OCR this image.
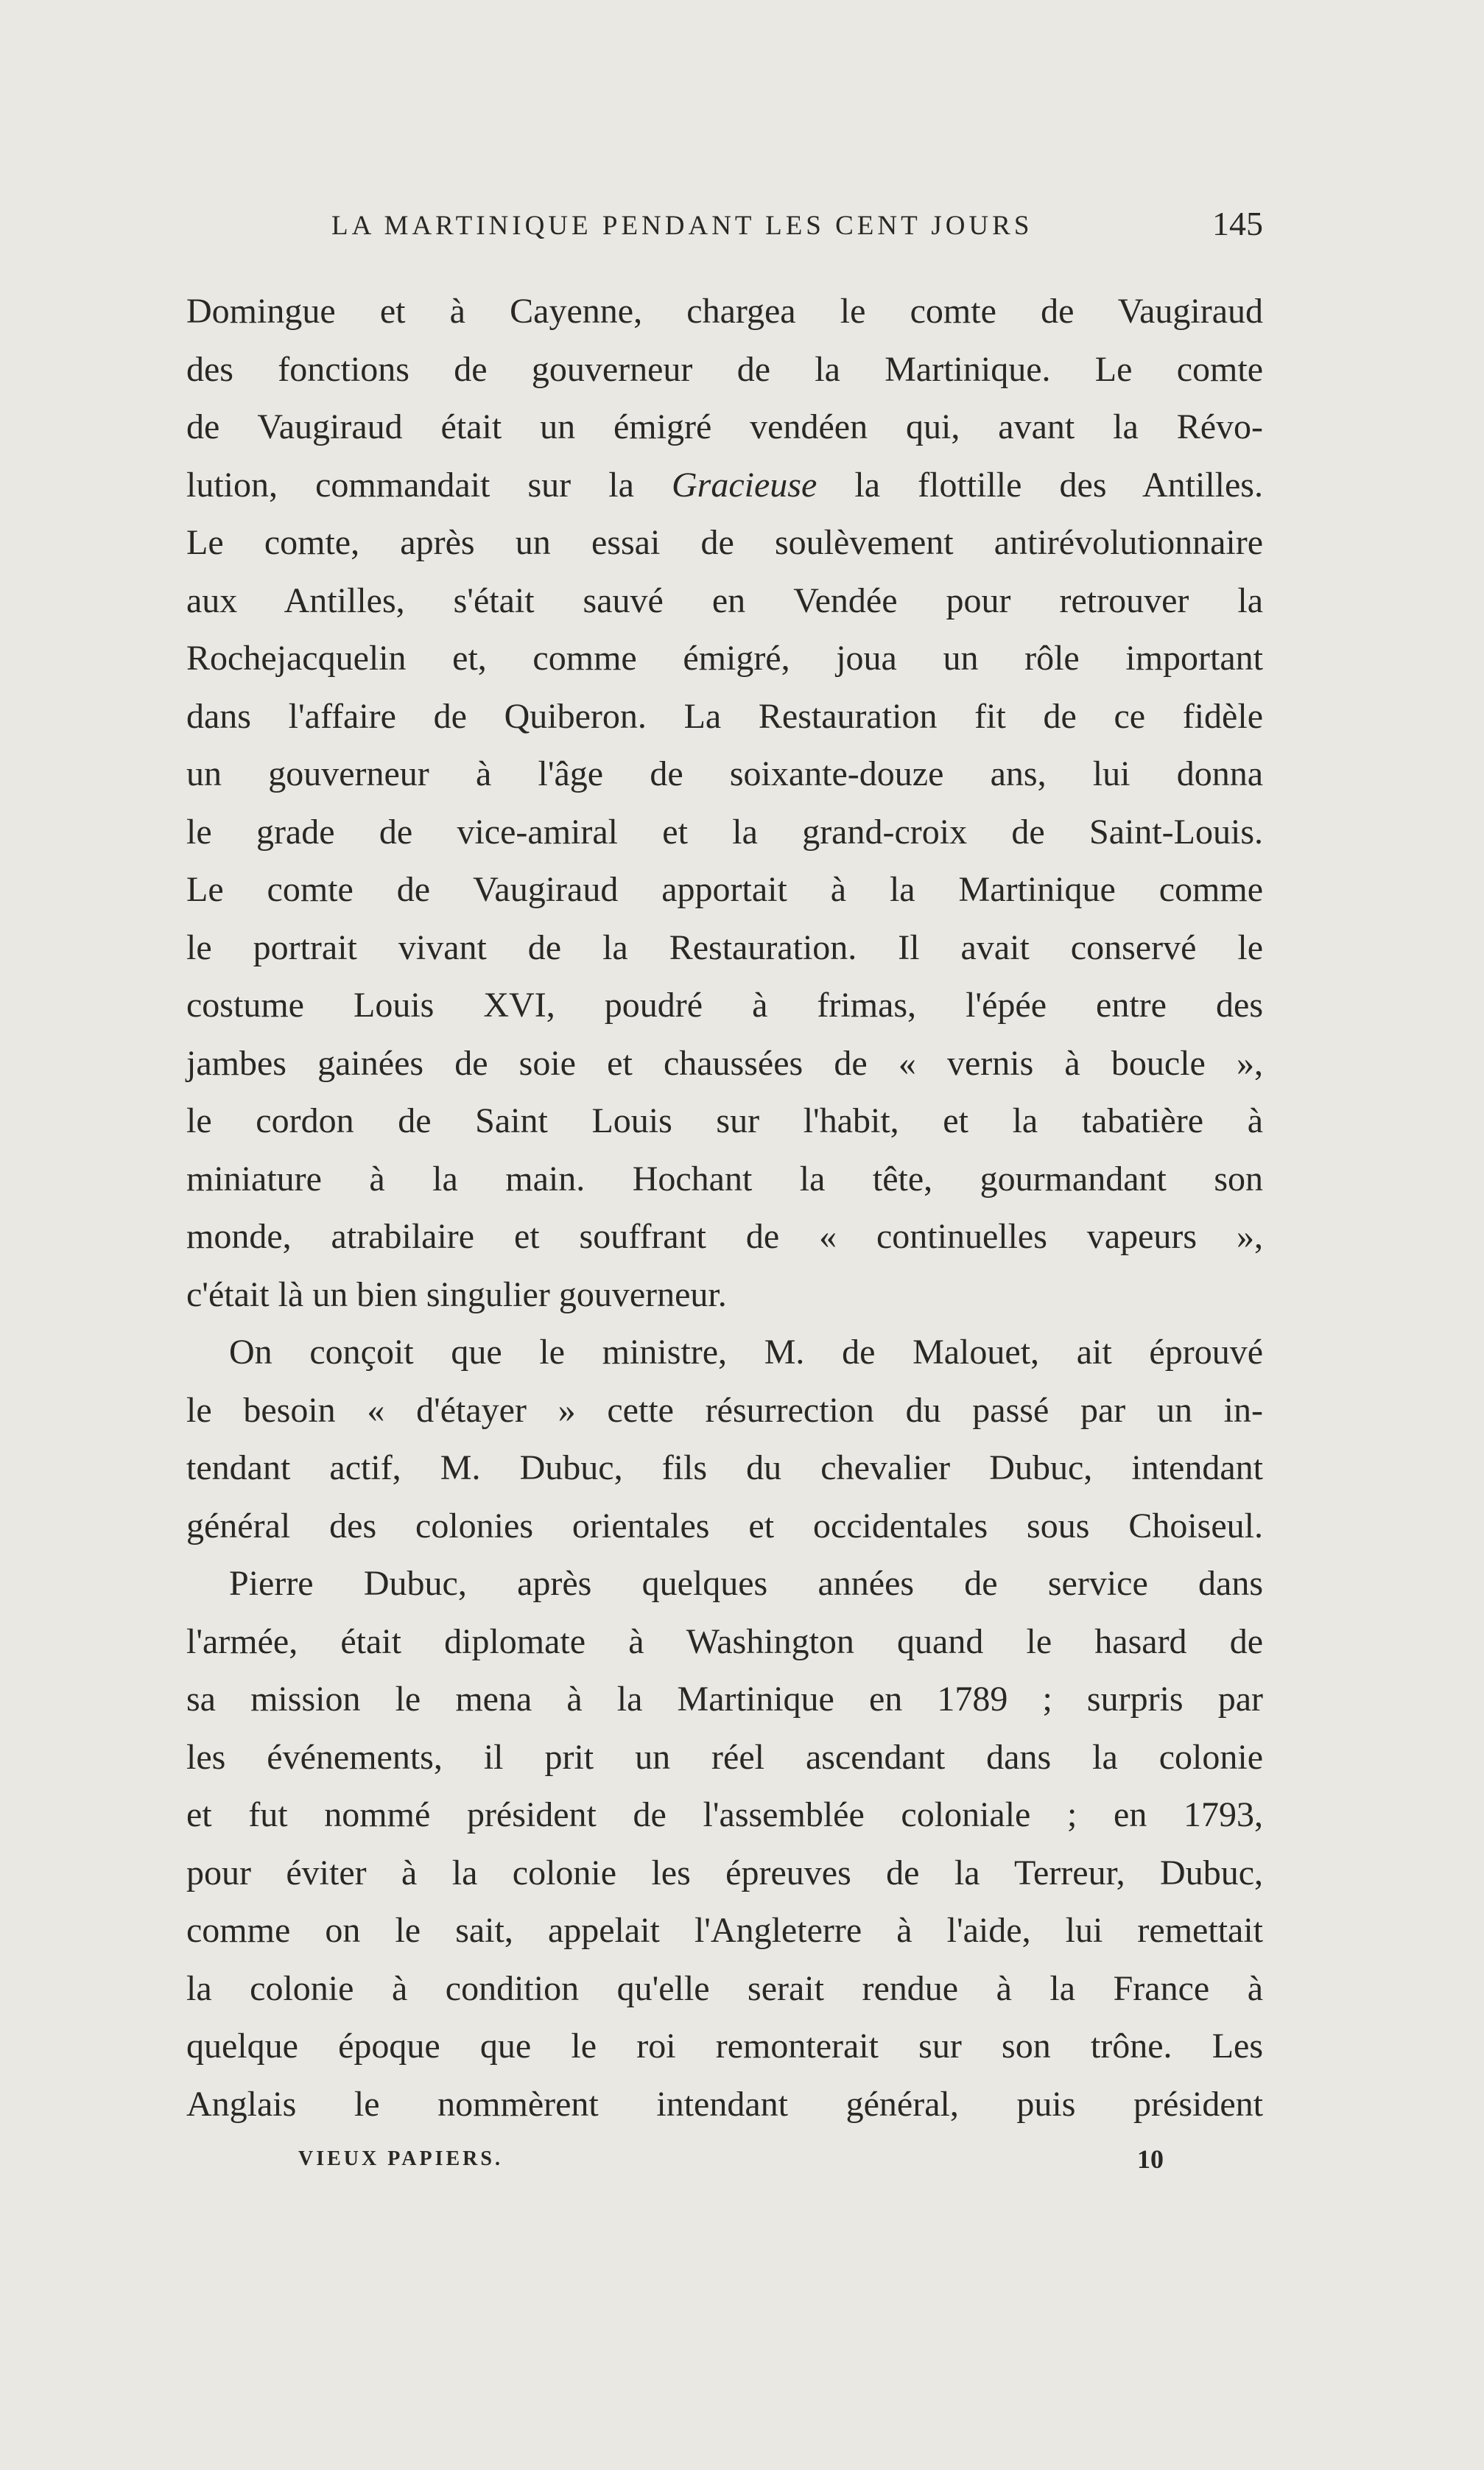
LA MARTINIQUE PENDANT LES CENT JOURS	145
Domingue et à Cayenne, chargea le comte de Vaugiraud
des fonctions de gouverneur de la Martinique. Le comte
de Vaugiraud était un émigré vendéen qui, avant la Révo-
lution, commandait sur la Gracieuse la flottille des Antilles.
Le comte, après un essai de soulèvement antirévolutionnaire
aux Antilles, s'était sauvé en Vendée pour retrouver la
Rochejacquelin et, comme émigré, joua un rôle important
dans l'affaire de Quiberon. La Restauration fit de ce fidèle
un gouverneur à l'âge de soixante-douze ans, lui donna
le grade de vice-amiral et la grand-croix de Saint-Louis.
Le comte de Vaugiraud apportait à la Martinique comme
le portrait vivant de la Restauration. Il avait conservé le
costume Louis XVI, poudré à frimas, l'épée entre des
jambes gainées de soie et chaussées de « vernis à boucle »,
le cordon de Saint Louis sur l'habit, et la tabatière à
miniature à la main. Hochant la tête, gourmandant son
monde, atrabilaire et souffrant de « continuelles vapeurs »,
c'était là un bien singulier gouverneur.
On conçoit que le ministre, M. de Malouet, ait éprouvé
le besoin « d'étayer » cette résurrection du passé par un in-
tendant actif, M. Dubuc, fils du chevalier Dubuc, intendant
général des colonies orientales et occidentales sous Choiseul.
Pierre Dubuc, après quelques années de service dans
l'armée, était diplomate à Washington quand le hasard de
sa mission le mena à la Martinique en 1789 ; surpris par
les événements, il prit un réel ascendant dans la colonie
et fut nommé président de l'assemblée coloniale ; en 1793,
pour éviter à la colonie les épreuves de la Terreur, Dubuc,
comme on le sait, appelait l'Angleterre à l'aide, lui remettait
la colonie à condition qu'elle serait rendue à la France à
quelque époque que le roi remonterait sur son trône. Les
Anglais le nommèrent intendant général, puis président
VIEUX PAPIERS.	10
